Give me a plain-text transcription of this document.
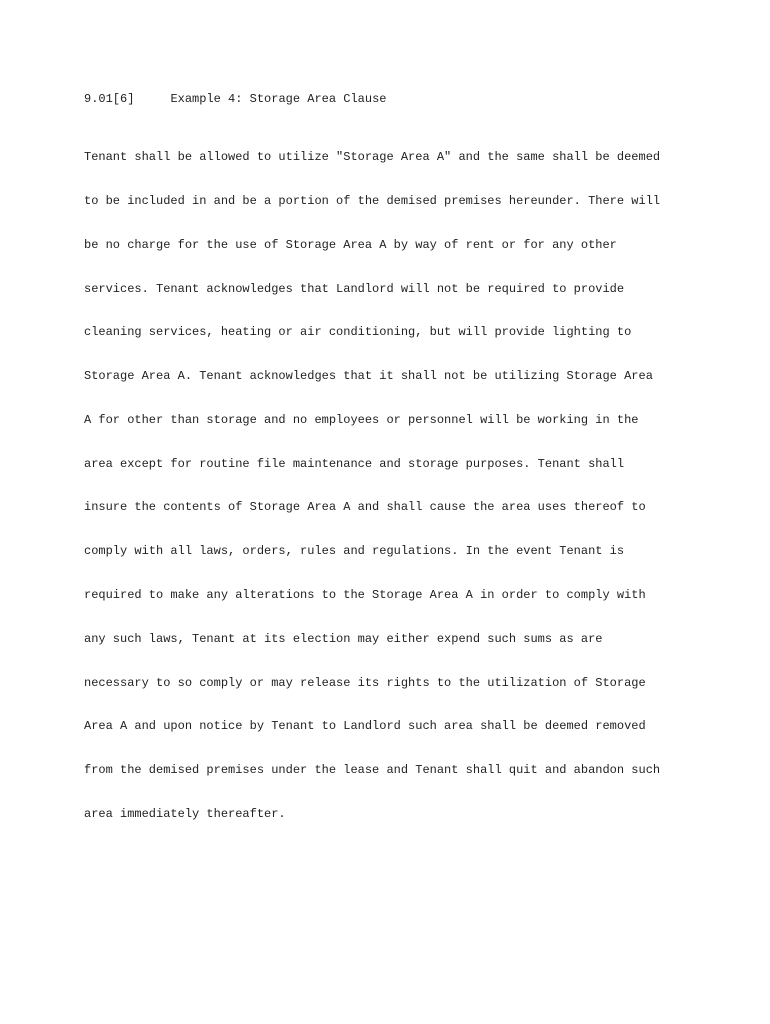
9.01[6]	Example 4: Storage Area Clause

Tenant shall be allowed to utilize "Storage Area A" and the same shall be deemed

to be included in and be a portion of the demised premises hereunder. There will

be no charge for the use of Storage Area A by way of rent or for any other

services. Tenant acknowledges that Landlord will not be required to provide

cleaning services, heating or air conditioning, but will provide lighting to

Storage Area A. Tenant acknowledges that it shall not be utilizing Storage Area

A for other than storage and no employees or personnel will be working in the

area except for routine file maintenance and storage purposes. Tenant shall

insure the contents of Storage Area A and shall cause the area uses thereof to

comply with all laws, orders, rules and regulations. In the event Tenant is

required to make any alterations to the Storage Area A in order to comply with

any such laws, Tenant at its election may either expend such sums as are

necessary to so comply or may release its rights to the utilization of Storage

Area A and upon notice by Tenant to Landlord such area shall be deemed removed

from the demised premises under the lease and Tenant shall quit and abandon such

area immediately thereafter.
